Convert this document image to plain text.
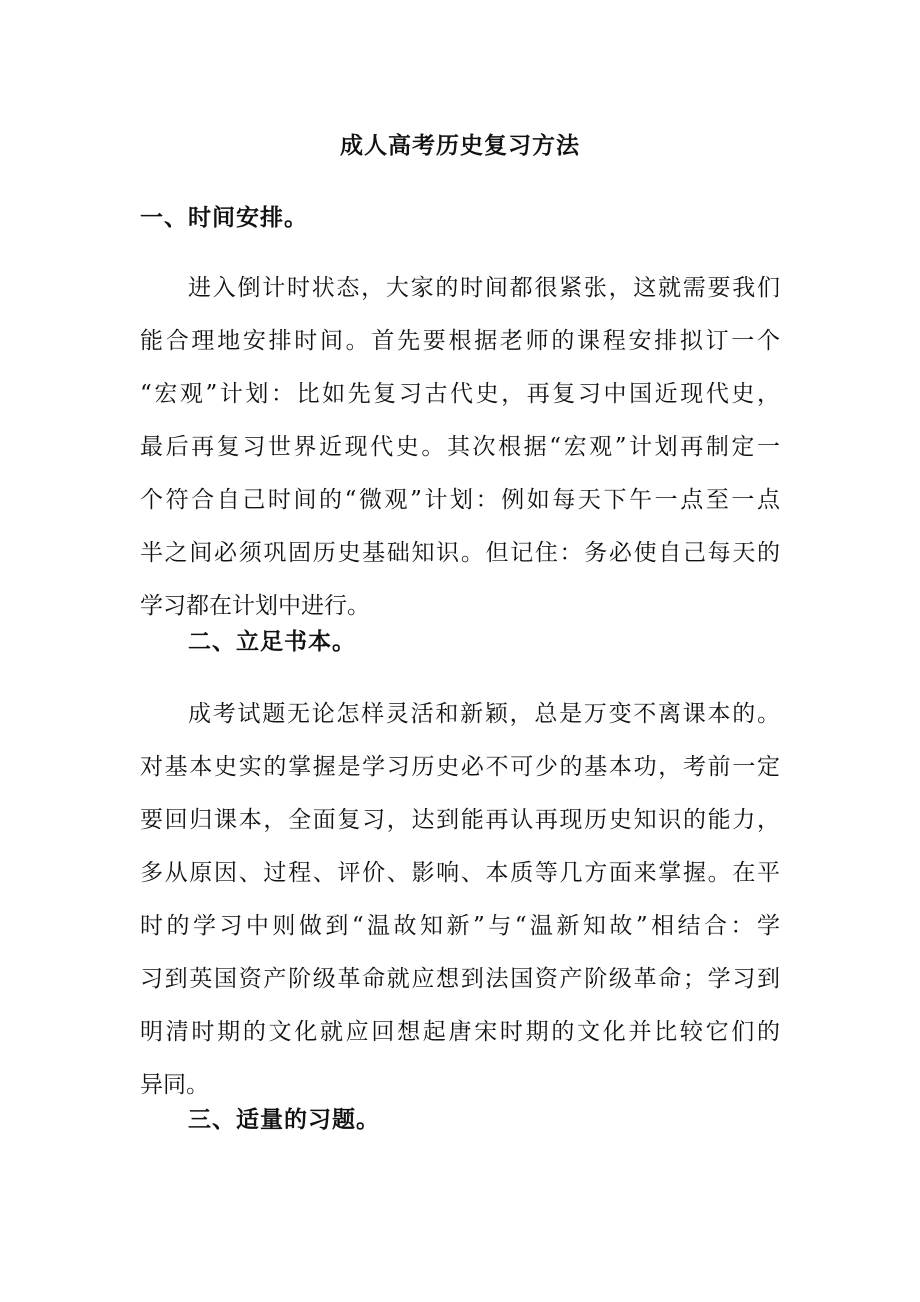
成人高考历史复习方法
一、时间安排。
进入倒计时状态，大家的时间都很紧张，这就需要我们
能合理地安排时间。首先要根据老师的课程安排拟订一个
“宏观”计划：比如先复习古代史，再复习中国近现代史，
最后再复习世界近现代史。其次根据“宏观”计划再制定一
个符合自己时间的“微观”计划：例如每天下午一点至一点
半之间必须巩固历史基础知识。但记住：务必使自己每天的
学习都在计划中进行。
二、立足书本。
成考试题无论怎样灵活和新颖，总是万变不离课本的。
对基本史实的掌握是学习历史必不可少的基本功，考前一定
要回归课本，全面复习，达到能再认再现历史知识的能力，
多从原因、过程、评价、影响、本质等几方面来掌握。在平
时的学习中则做到“温故知新”与“温新知故”相结合：学
习到英国资产阶级革命就应想到法国资产阶级革命；学习到
明清时期的文化就应回想起唐宋时期的文化并比较它们的
异同。
三、适量的习题。
